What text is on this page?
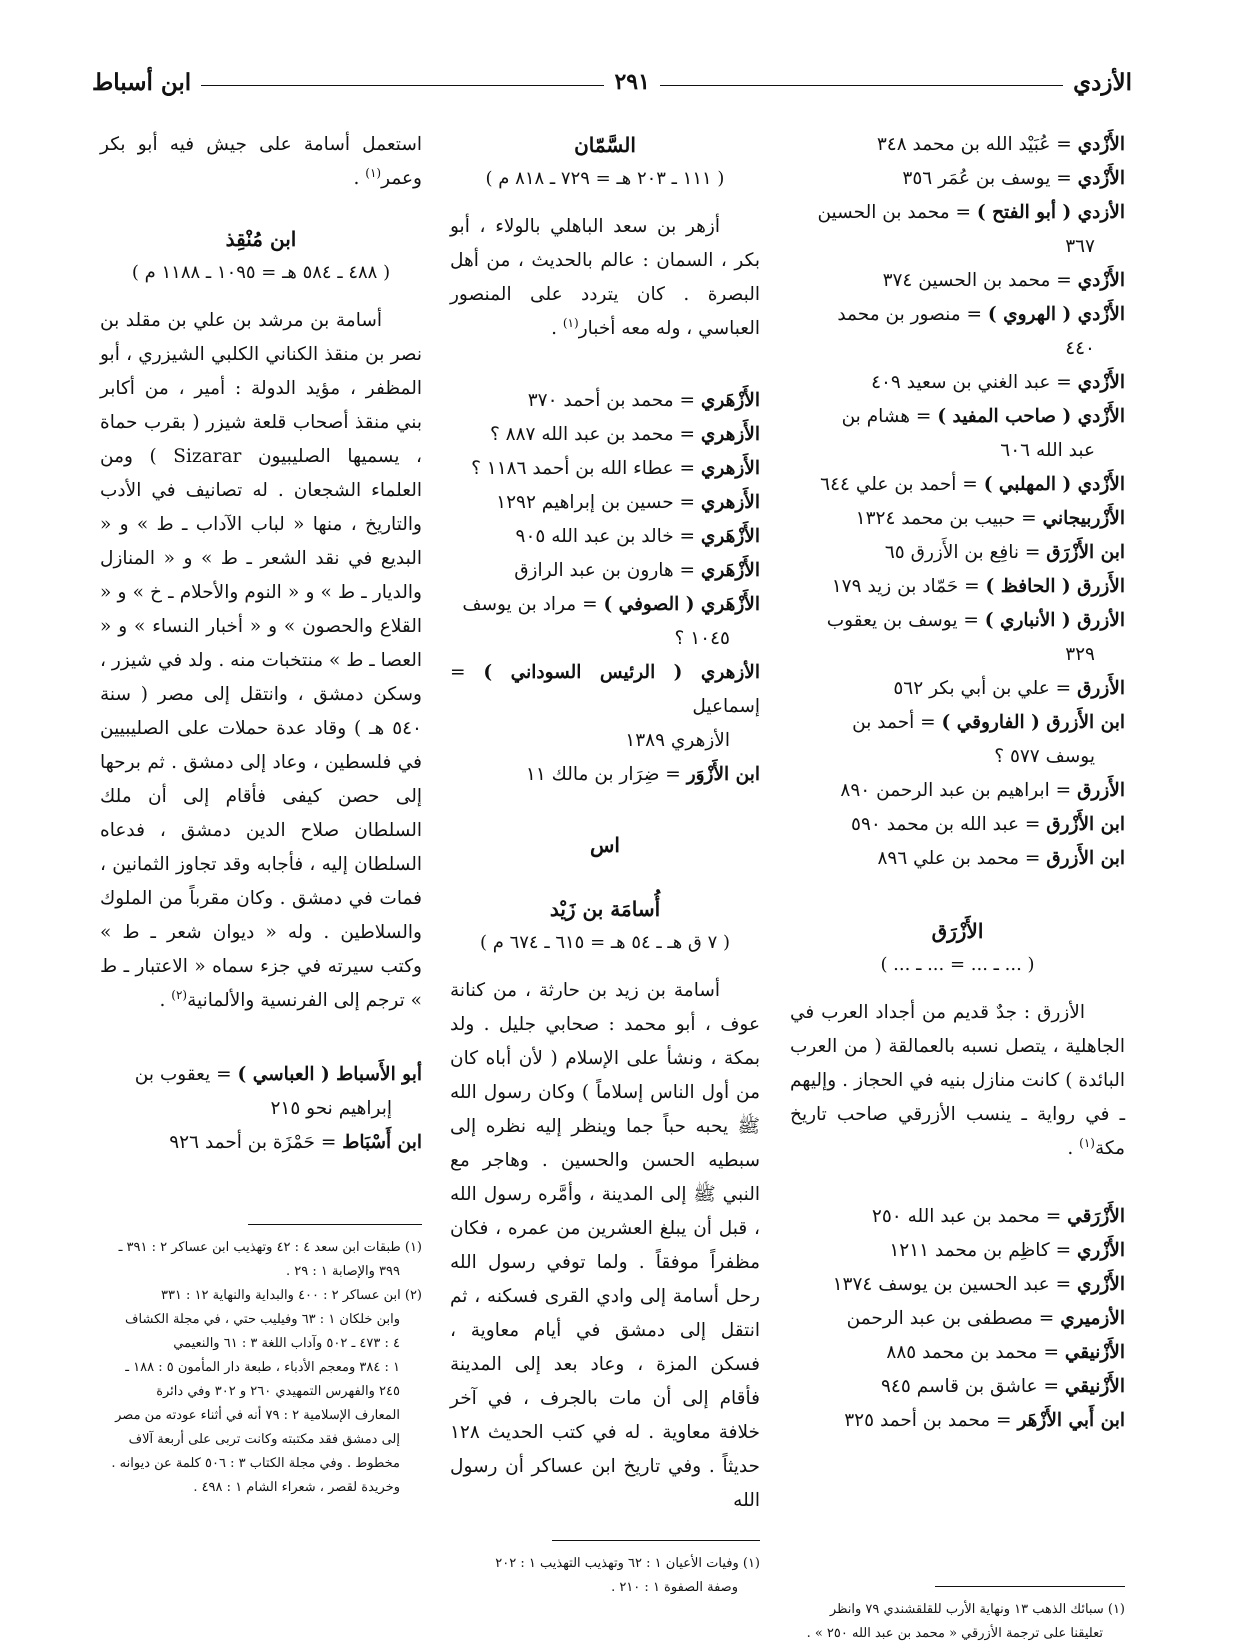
الأزدي
٢٩١
ابن أسباط

الأَزْدي = عُبَيْد الله بن محمد ٣٤٨

الأَزْدي = يوسف بن عُمَر ٣٥٦

الأزدي ( أبو الفتح ) = محمد بن الحسين

٣٦٧

الأَزْدي = محمد بن الحسين ٣٧٤

الأَزْدي ( الهروي ) = منصور بن محمد

٤٤٠

الأَزْدي = عبد الغني بن سعيد ٤٠٩

الأَزْدي ( صاحب المفيد ) = هشام بن

عبد الله ٦٠٦

الأَزْدي ( المهلبي ) = أحمد بن علي ٦٤٤

الأَزْربيجاني = حبيب بن محمد ١٣٢٤

ابن الأَزْرَق = نافِع بن الأَزرق ٦٥

الأَزرق ( الحافظ ) = حَمّاد بن زيد ١٧٩

الأزرق ( الأنباري ) = يوسف بن يعقوب

٣٢٩

الأَزرق = علي بن أبي بكر ٥٦٢

ابن الأَزرق ( الفاروقي ) = أحمد بن

يوسف ٥٧٧ ؟

الأَزرق = ابراهيم بن عبد الرحمن ٨٩٠

ابن الأَزْرق = عبد الله بن محمد ٥٩٠

ابن الأَزرق = محمد بن علي ٨٩٦

الأَزْرَق

( ... ـ ... = ... ـ ... )

الأزرق : جدٌ قديم من أجداد العرب في الجاهلية ، يتصل نسبه بالعمالقة ( من العرب البائدة ) كانت منازل بنيه في الحجاز . وإليهم ـ في رواية ـ ينسب الأزرقي صاحب تاريخ مكة$^{(١)}$ .

الأَزْرَقي = محمد بن عبد الله ٢٥٠

الأَزْري = كاظِم بن محمد ١٢١١

الأَزْري = عبد الحسين بن يوسف ١٣٧٤

الأزميري = مصطفى بن عبد الرحمن

الأَزْنيقي = محمد بن محمد ٨٨٥

الأَزْنيقي = عاشق بن قاسم ٩٤٥

ابن أَبي الأَزْهَر = محمد بن أحمد ٣٢٥

السَّمّان

( ١١١ ـ ٢٠٣ هـ = ٧٢٩ ـ ٨١٨ م )

أزهر بن سعد الباهلي بالولاء ، أبو بكر ، السمان : عالم بالحديث ، من أهل البصرة . كان يتردد على المنصور العباسي ، وله معه أخبار$^{(١)}$ .

الأَزْهَري = محمد بن أحمد ٣٧٠

الأَزهري = محمد بن عبد الله ٨٨٧ ؟

الأَزهري = عطاء الله بن أحمد ١١٨٦ ؟

الأَزهري = حسين بن إبراهيم ١٢٩٢

الأَزْهَري = خالد بن عبد الله ٩٠٥

الأَزْهَري = هارون بن عبد الرازق

الأَزْهَري ( الصوفي ) = مراد بن يوسف

١٠٤٥ ؟

الأزهري ( الرئيس السوداني ) = إسماعيل

الأزهري ١٣٨٩

ابن الأَزْوَر = ضِرَار بن مالك ١١

اس

أُسامَة بن زَيْد

( ٧ ق هـ ـ ٥٤ هـ = ٦١٥ ـ ٦٧٤ م )

أسامة بن زيد بن حارثة ، من كنانة عوف ، أبو محمد : صحابي جليل . ولد بمكة ، ونشأ على الإسلام ( لأن أباه كان من أول الناس إسلاماً ) وكان رسول الله ﷺ يحبه حباً جما وينظر إليه نظره إلى سبطيه الحسن والحسين . وهاجر مع النبي ﷺ إلى المدينة ، وأمَّره رسول الله ، قبل أن يبلغ العشرين من عمره ، فكان مظفراً موفقاً . ولما توفي رسول الله رحل أسامة إلى وادي القرى فسكنه ، ثم انتقل إلى دمشق في أيام معاوية ، فسكن المزة ، وعاد بعد إلى المدينة فأقام إلى أن مات بالجرف ، في آخر خلافة معاوية . له في كتب الحديث ١٢٨ حديثاً . وفي تاريخ ابن عساكر أن رسول الله

استعمل أسامة على جيش فيه أبو بكر وعمر$^{(١)}$ .

ابن مُنْقِذ

( ٤٨٨ ـ ٥٨٤ هـ = ١٠٩٥ ـ ١١٨٨ م )

أسامة بن مرشد بن علي بن مقلد بن نصر بن منقذ الكناني الكلبي الشيزري ، أبو المظفر ، مؤيد الدولة : أمير ، من أكابر بني منقذ أصحاب قلعة شيزر ( بقرب حماة ، يسميها الصليبيون Sizarar ) ومن العلماء الشجعان . له تصانيف في الأدب والتاريخ ، منها « لباب الآداب ـ ط » و « البديع في نقد الشعر ـ ط » و « المنازل والديار ـ ط » و « النوم والأحلام ـ خ » و « القلاع والحصون » و « أخبار النساء » و « العصا ـ ط » منتخبات منه . ولد في شيزر ، وسكن دمشق ، وانتقل إلى مصر ( سنة ٥٤٠ هـ ) وقاد عدة حملات على الصليبيين في فلسطين ، وعاد إلى دمشق . ثم برحها إلى حصن كيفى فأقام إلى أن ملك السلطان صلاح الدين دمشق ، فدعاه السلطان إليه ، فأجابه وقد تجاوز الثمانين ، فمات في دمشق . وكان مقرباً من الملوك والسلاطين . وله « ديوان شعر ـ ط » وكتب سيرته في جزء سماه « الاعتبار ـ ط » ترجم إلى الفرنسية والألمانية$^{(٢)}$ .

أبو الأَسباط ( العباسي ) = يعقوب بن

إبراهيم نحو ٢١٥

ابن أَسْبَاط = حَمْزَة بن أحمد ٩٢٦

(١) طبقات ابن سعد ٤ : ٤٢ وتهذيب ابن عساكر ٢ : ٣٩١ ـ

٣٩٩ والإصابة ١ : ٢٩ .

(٢) ابن عساكر ٢ : ٤٠٠ والبداية والنهاية ١٢ : ٣٣١

وابن خلكان ١ : ٦٣ وفيليب حتي ، في مجلة الكشاف

٤ : ٤٧٣ ـ ٥٠٢ وآداب اللغة ٣ : ٦١ والنعيمي

١ : ٣٨٤ ومعجم الأدباء ، طبعة دار المأمون ٥ : ١٨٨ ـ

٢٤٥ والفهرس التمهيدي ٢٦٠ و ٣٠٢ وفي دائرة

المعارف الإسلامية ٢ : ٧٩ أنه في أثناء عودته من مصر

إلى دمشق فقد مكتبته وكانت تربى على أربعة آلاف

مخطوط . وفي مجلة الكتاب ٣ : ٥٠٦ كلمة عن ديوانه .

وخريدة لقصر ، شعراء الشام ١ : ٤٩٨ .

(١) وفيات الأعيان ١ : ٦٢ وتهذيب التهذيب ١ : ٢٠٢

وصفة الصفوة ١ : ٢١٠ .

(١) سبائك الذهب ١٣ ونهاية الأرب للقلقشندي ٧٩ وانظر

تعليقنا على ترجمة الأزرقي « محمد بن عبد الله ٢٥٠ » .
